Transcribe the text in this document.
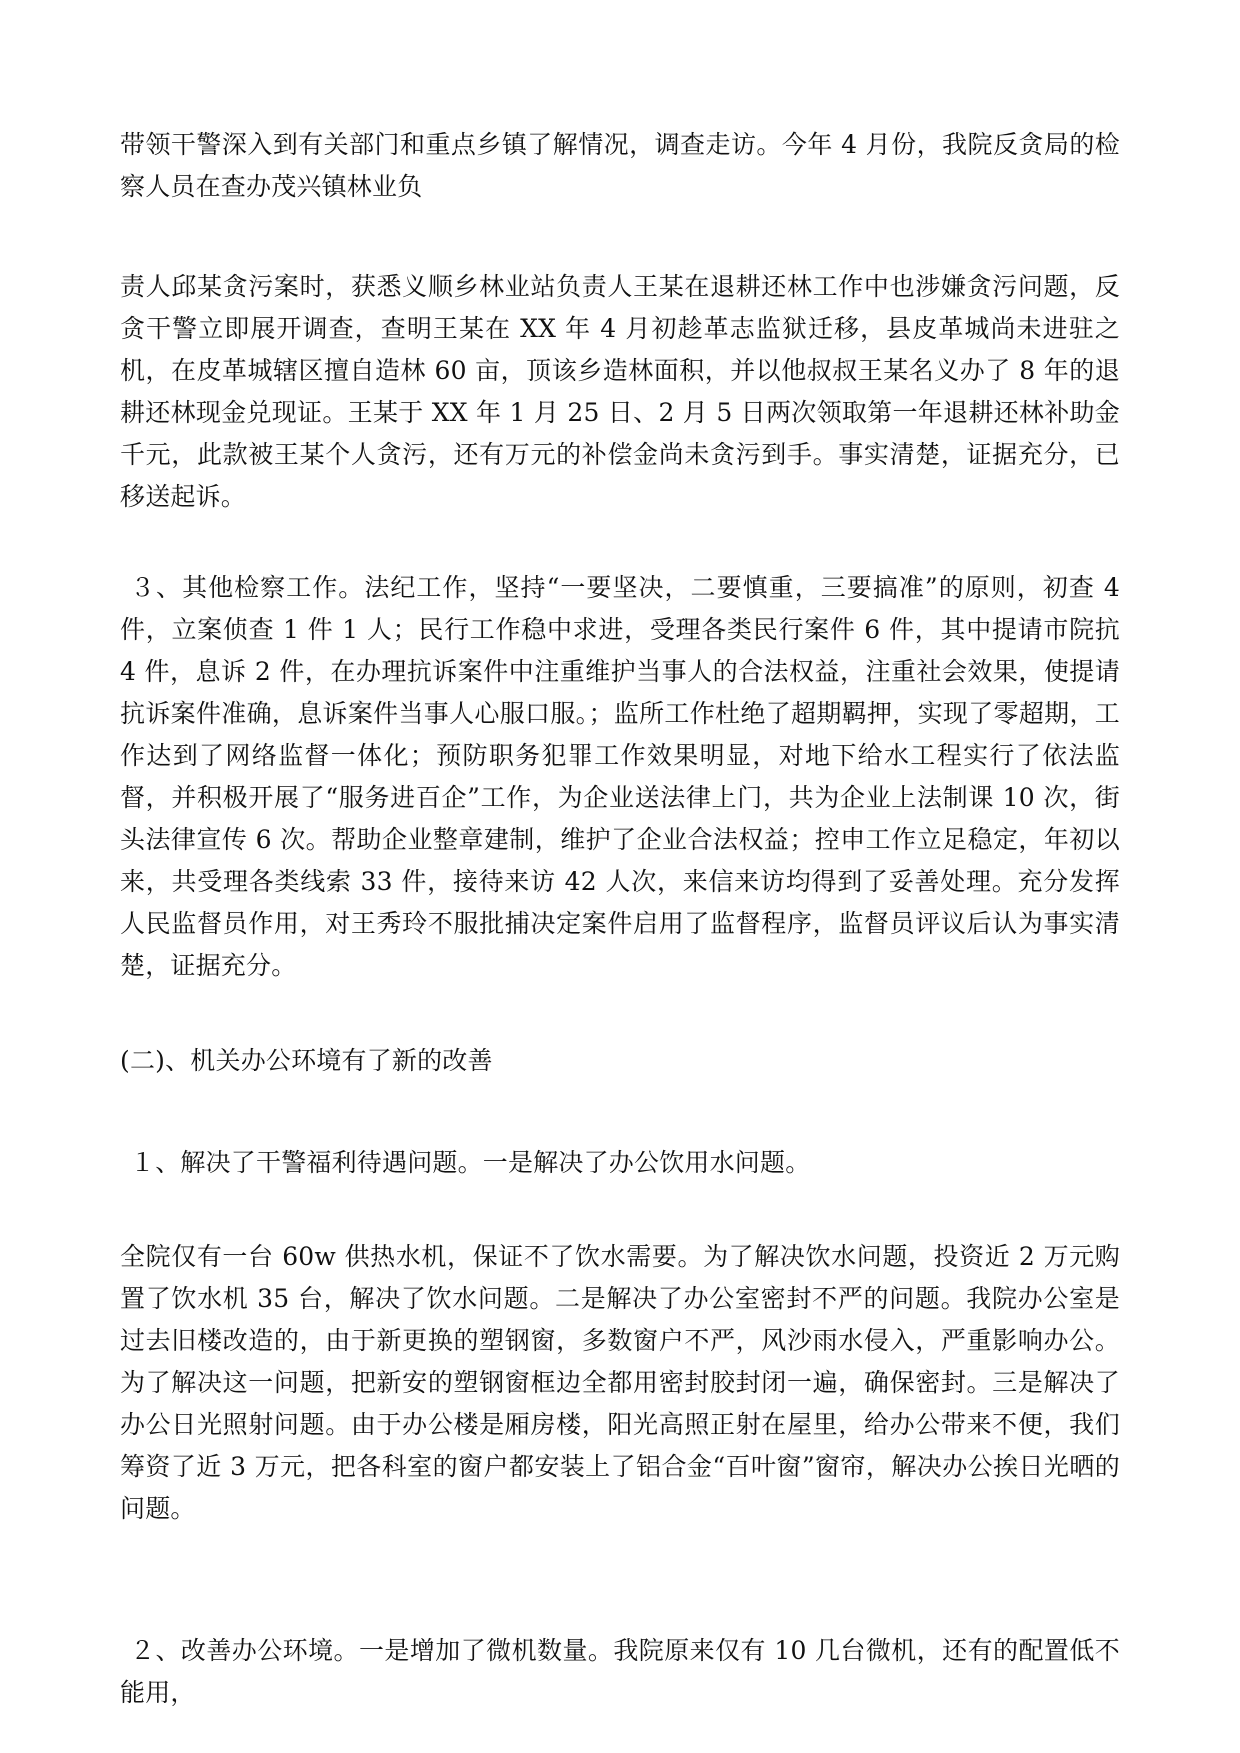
带领干警深入到有关部门和重点乡镇了解情况，调查走访。今年 4 月份，我院反贪局的检察人员在查办茂兴镇林业负

责人邱某贪污案时，获悉义顺乡林业站负责人王某在退耕还林工作中也涉嫌贪污问题，反贪干警立即展开调查，查明王某在 XX 年 4 月初趁革志监狱迁移，县皮革城尚未进驻之机，在皮革城辖区擅自造林 60 亩，顶该乡造林面积，并以他叔叔王某名义办了 8 年的退耕还林现金兑现证。王某于 XX 年 1 月 25 日、2 月 5 日两次领取第一年退耕还林补助金千元，此款被王某个人贪污，还有万元的补偿金尚未贪污到手。事实清楚，证据充分，已移送起诉。

３、其他检察工作。法纪工作，坚持“一要坚决，二要慎重，三要搞准”的原则，初查 4 件，立案侦查 1 件 1 人；民行工作稳中求进，受理各类民行案件 6 件，其中提请市院抗 4 件，息诉 2 件，在办理抗诉案件中注重维护当事人的合法权益，注重社会效果，使提请抗诉案件准确，息诉案件当事人心服口服。；监所工作杜绝了超期羁押，实现了零超期，工作达到了网络监督一体化；预防职务犯罪工作效果明显，对地下给水工程实行了依法监督，并积极开展了“服务进百企”工作，为企业送法律上门，共为企业上法制课 10 次，街头法律宣传 6 次。帮助企业整章建制，维护了企业合法权益；控申工作立足稳定，年初以来，共受理各类线索 33 件，接待来访 42 人次，来信来访均得到了妥善处理。充分发挥人民监督员作用，对王秀玲不服批捕决定案件启用了监督程序，监督员评议后认为事实清楚，证据充分。

(二)、机关办公环境有了新的改善

１、解决了干警福利待遇问题。一是解决了办公饮用水问题。

全院仅有一台 60w 供热水机，保证不了饮水需要。为了解决饮水问题，投资近 2 万元购置了饮水机 35 台，解决了饮水问题。二是解决了办公室密封不严的问题。我院办公室是过去旧楼改造的，由于新更换的塑钢窗，多数窗户不严，风沙雨水侵入，严重影响办公。为了解决这一问题，把新安的塑钢窗框边全都用密封胶封闭一遍，确保密封。三是解决了办公日光照射问题。由于办公楼是厢房楼，阳光高照正射在屋里，给办公带来不便，我们筹资了近 3 万元，把各科室的窗户都安装上了铝合金“百叶窗”窗帘，解决办公挨日光晒的问题。

２、改善办公环境。一是增加了微机数量。我院原来仅有 10 几台微机，还有的配置低不能用，
